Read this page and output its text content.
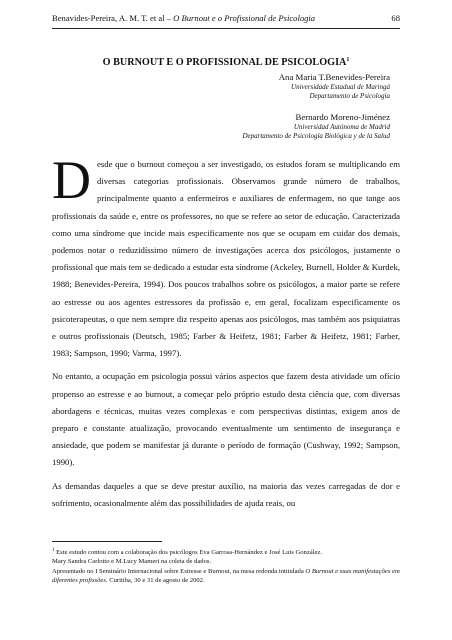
Benavides-Pereira, A. M. T. et al – O Burnout e o Profissional de Psicologia	68
O BURNOUT E O PROFISSIONAL DE PSICOLOGIA$^1$
Ana Maria T.Benevides-Pereira
Universidade Estadual de Maringá
Departamento de Psicologia
Bernardo Moreno-Jiménez
Universidad Autónoma de Madrid
Departamento de Psicología Biológica y de la Salud

Desde que o burnout começou a ser investigado, os estudos foram se multiplicando em diversas categorias profissionais. Observamos grande número de trabalhos, principalmente quanto a enfermeiros e auxiliares de enfermagem, no que tange aos profissionais da saúde e, entre os professores, no que se refere ao setor de educação. Caracterizada como uma síndrome que incide mais especificamente nos que se ocupam em cuidar dos demais, podemos notar o reduzidíssimo número de investigações acerca dos psicólogos, justamente o profissional que mais tem se dedicado a estudar esta síndrome (Ackeley, Burnell, Holder & Kurdek, 1988; Benevides-Pereira, 1994). Dos poucos trabalhos sobre os psicólogos, a maior parte se refere ao estresse ou aos agentes estressores da profissão e, em geral, focalizam especificamente os psicoterapeutas, o que nem sempre diz respeito apenas aos psicólogos, mas também aos psiquiatras e outros profissionais (Deutsch, 1985; Farber & Heifetz, 1981; Farber & Heifetz, 1981; Farber, 1983; Sampson, 1990; Varma, 1997).

No entanto, a ocupação em psicologia possui vários aspectos que fazem desta atividade um ofício propenso ao estresse e ao burnout, a começar pelo próprio estudo desta ciência que, com diversas abordagens e técnicas, muitas vezes complexas e com perspectivas distintas, exigem anos de preparo e constante atualização, provocando eventualmente um sentimento de insegurança e ansiedade, que podem se manifestar já durante o período de formação (Cushway, 1992; Sampson, 1990).

As demandas daqueles a que se deve prestar auxílio, na maioria das vezes carregadas de dor e sofrimento, ocasionalmente além das possibilidades de ajuda reais, ou

$^1$ Este estudo contou com a colaboração dos psicólogos Eva Garrosa-Hernández e José Luis González.

Mary Sandra Carlotto e M.Lucy Mameri na coleta de dados.

Apresentado no I Seminário Internacional sobre Estresse e Burnout, na mesa redonda intitulada O Burnout e suas manifestações em diferentes profissões. Curitiba, 30 e 31 de agosto de 2002.
